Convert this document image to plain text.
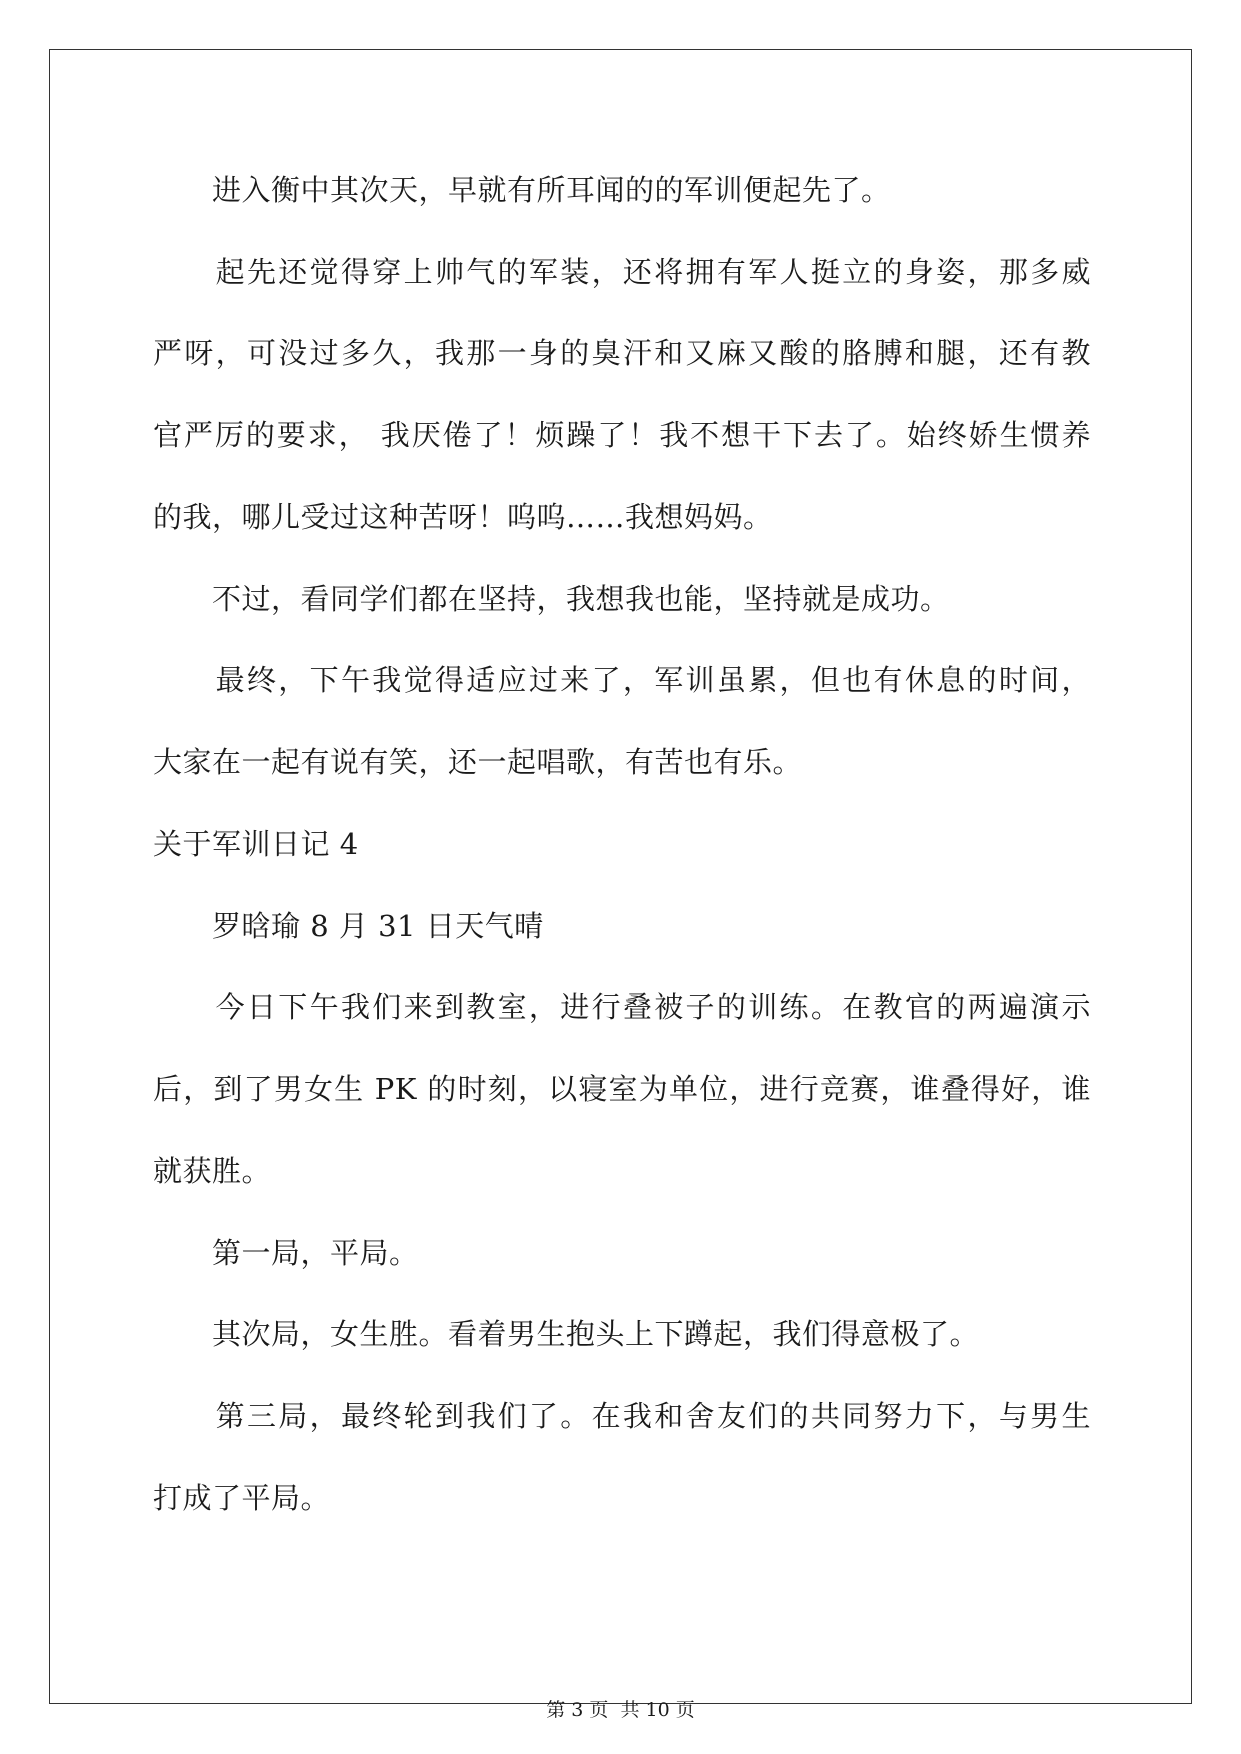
　　进入衡中其次天，早就有所耳闻的的军训便起先了。
　　起先还觉得穿上帅气的军装，还将拥有军人挺立的身姿，那多威
严呀，可没过多久，我那一身的臭汗和又麻又酸的胳膊和腿，还有教
官严厉的要求， 我厌倦了！烦躁了！我不想干下去了。始终娇生惯养
的我，哪儿受过这种苦呀！呜呜……我想妈妈。
　　不过，看同学们都在坚持，我想我也能，坚持就是成功。
　　最终，下午我觉得适应过来了，军训虽累，但也有休息的时间，
大家在一起有说有笑，还一起唱歌，有苦也有乐。
关于军训日记 4
　　罗晗瑜 8 月 31 日天气晴
　　今日下午我们来到教室，进行叠被子的训练。在教官的两遍演示
后，到了男女生 PK 的时刻，以寝室为单位，进行竞赛，谁叠得好，谁
就获胜。
　　第一局，平局。
　　其次局，女生胜。看着男生抱头上下蹲起，我们得意极了。
　　第三局，最终轮到我们了。在我和舍友们的共同努力下，与男生
打成了平局。
第 3 页 共 10 页
